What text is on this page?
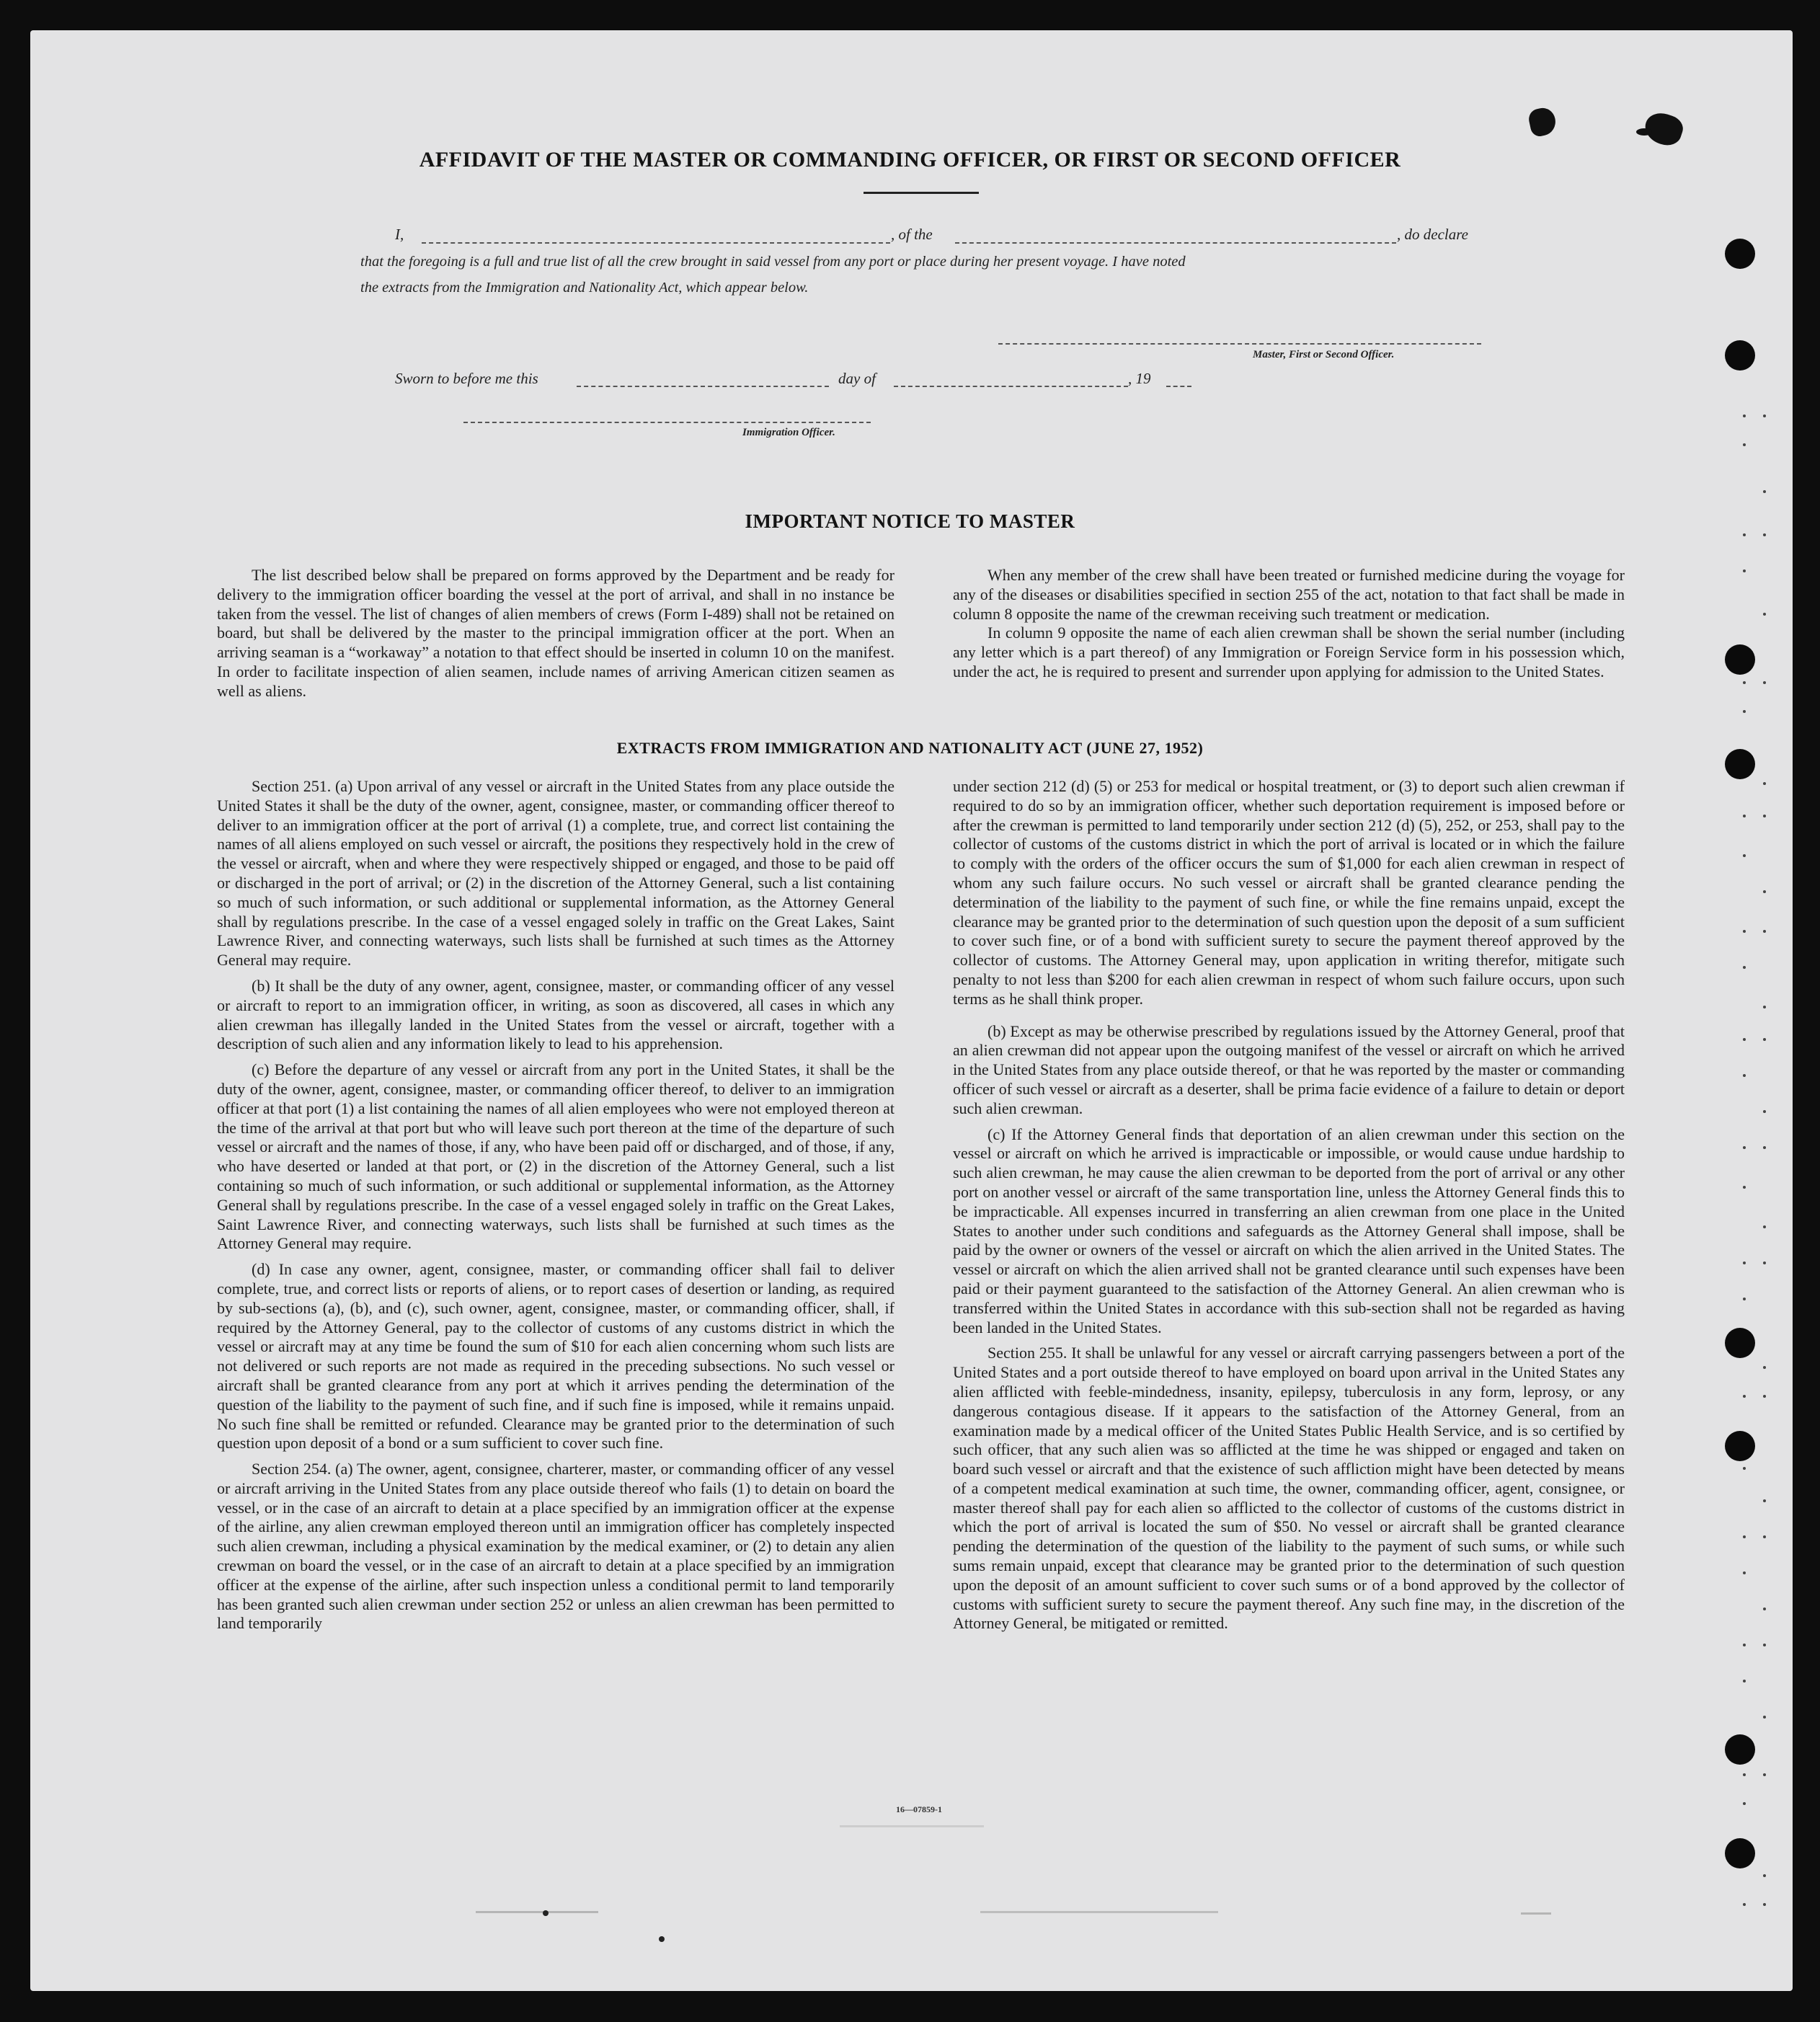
AFFIDAVIT OF THE MASTER OR COMMANDING OFFICER, OR FIRST OR SECOND OFFICER
I,	, of the	, do declare
that the foregoing is a full and true list of all the crew brought in said vessel from any port or place during her present voyage. I have noted
the extracts from the Immigration and Nationality Act, which appear below.
Master, First or Second Officer.
Sworn to before me this	day of	, 19
Immigration Officer.
IMPORTANT NOTICE TO MASTER

The list described below shall be prepared on forms approved by the Department and be ready for delivery to the immigration officer boarding the vessel at the port of arrival, and shall in no instance be taken from the vessel. The list of changes of alien members of crews (Form I-489) shall not be retained on board, but shall be delivered by the master to the principal immigration officer at the port. When an arriving seaman is a “workaway” a notation to that effect should be inserted in column 10 on the manifest. In order to facilitate inspection of alien seamen, include names of arriving American citizen seamen as well as aliens.

When any member of the crew shall have been treated or furnished medicine during the voyage for any of the diseases or disabilities specified in section 255 of the act, notation to that fact shall be made in column 8 opposite the name of the crewman receiving such treatment or medication.

In column 9 opposite the name of each alien crewman shall be shown the serial number (including any letter which is a part thereof) of any Immigration or Foreign Service form in his possession which, under the act, he is required to present and surrender upon applying for admission to the United States.

EXTRACTS FROM IMMIGRATION AND NATIONALITY ACT (JUNE 27, 1952)

Section 251. (a) Upon arrival of any vessel or aircraft in the United States from any place outside the United States it shall be the duty of the owner, agent, consignee, master, or commanding officer thereof to deliver to an immigration officer at the port of arrival (1) a complete, true, and correct list containing the names of all aliens employed on such vessel or aircraft, the positions they respectively hold in the crew of the vessel or aircraft, when and where they were respectively shipped or engaged, and those to be paid off or discharged in the port of arrival; or (2) in the discretion of the Attorney General, such a list containing so much of such information, or such additional or supplemental information, as the Attorney General shall by regulations prescribe. In the case of a vessel engaged solely in traffic on the Great Lakes, Saint Lawrence River, and connecting waterways, such lists shall be furnished at such times as the Attorney General may require.

(b) It shall be the duty of any owner, agent, consignee, master, or commanding officer of any vessel or aircraft to report to an immigration officer, in writing, as soon as discovered, all cases in which any alien crewman has illegally landed in the United States from the vessel or aircraft, together with a description of such alien and any information likely to lead to his apprehension.

(c) Before the departure of any vessel or aircraft from any port in the United States, it shall be the duty of the owner, agent, consignee, master, or commanding officer thereof, to deliver to an immigration officer at that port (1) a list containing the names of all alien employees who were not employed thereon at the time of the arrival at that port but who will leave such port thereon at the time of the departure of such vessel or aircraft and the names of those, if any, who have been paid off or discharged, and of those, if any, who have deserted or landed at that port, or (2) in the discretion of the Attorney General, such a list containing so much of such information, or such additional or supplemental information, as the Attorney General shall by regulations prescribe. In the case of a vessel engaged solely in traffic on the Great Lakes, Saint Lawrence River, and connecting waterways, such lists shall be furnished at such times as the Attorney General may require.

(d) In case any owner, agent, consignee, master, or commanding officer shall fail to deliver complete, true, and correct lists or reports of aliens, or to report cases of desertion or landing, as required by sub-sections (a), (b), and (c), such owner, agent, consignee, master, or commanding officer, shall, if required by the Attorney General, pay to the collector of customs of any customs district in which the vessel or aircraft may at any time be found the sum of $10 for each alien concerning whom such lists are not delivered or such reports are not made as required in the preceding subsections. No such vessel or aircraft shall be granted clearance from any port at which it arrives pending the determination of the question of the liability to the payment of such fine, and if such fine is imposed, while it remains unpaid. No such fine shall be remitted or refunded. Clearance may be granted prior to the determination of such question upon deposit of a bond or a sum sufficient to cover such fine.

Section 254. (a) The owner, agent, consignee, charterer, master, or commanding officer of any vessel or aircraft arriving in the United States from any place outside thereof who fails (1) to detain on board the vessel, or in the case of an aircraft to detain at a place specified by an immigration officer at the expense of the airline, any alien crewman employed thereon until an immigration officer has completely inspected such alien crewman, including a physical examination by the medical examiner, or (2) to detain any alien crewman on board the vessel, or in the case of an aircraft to detain at a place specified by an immigration officer at the expense of the airline, after such inspection unless a conditional permit to land temporarily has been granted such alien crewman under section 252 or unless an alien crewman has been permitted to land temporarily

under section 212 (d) (5) or 253 for medical or hospital treatment, or (3) to deport such alien crewman if required to do so by an immigration officer, whether such deportation requirement is imposed before or after the crewman is permitted to land temporarily under section 212 (d) (5), 252, or 253, shall pay to the collector of customs of the customs district in which the port of arrival is located or in which the failure to comply with the orders of the officer occurs the sum of $1,000 for each alien crewman in respect of whom any such failure occurs. No such vessel or aircraft shall be granted clearance pending the determination of the liability to the payment of such fine, or while the fine remains unpaid, except the clearance may be granted prior to the determination of such question upon the deposit of a sum sufficient to cover such fine, or of a bond with sufficient surety to secure the payment thereof approved by the collector of customs. The Attorney General may, upon application in writing therefor, mitigate such penalty to not less than $200 for each alien crewman in respect of whom such failure occurs, upon such terms as he shall think proper.

(b) Except as may be otherwise prescribed by regulations issued by the Attorney General, proof that an alien crewman did not appear upon the outgoing manifest of the vessel or aircraft on which he arrived in the United States from any place outside thereof, or that he was reported by the master or commanding officer of such vessel or aircraft as a deserter, shall be prima facie evidence of a failure to detain or deport such alien crewman.

(c) If the Attorney General finds that deportation of an alien crewman under this section on the vessel or aircraft on which he arrived is impracticable or impossible, or would cause undue hardship to such alien crewman, he may cause the alien crewman to be deported from the port of arrival or any other port on another vessel or aircraft of the same transportation line, unless the Attorney General finds this to be impracticable. All expenses incurred in transferring an alien crewman from one place in the United States to another under such conditions and safeguards as the Attorney General shall impose, shall be paid by the owner or owners of the vessel or aircraft on which the alien arrived in the United States. The vessel or aircraft on which the alien arrived shall not be granted clearance until such expenses have been paid or their payment guaranteed to the satisfaction of the Attorney General. An alien crewman who is transferred within the United States in accordance with this sub-section shall not be regarded as having been landed in the United States.

Section 255. It shall be unlawful for any vessel or aircraft carrying passengers between a port of the United States and a port outside thereof to have employed on board upon arrival in the United States any alien afflicted with feeble-mindedness, insanity, epilepsy, tuberculosis in any form, leprosy, or any dangerous contagious disease. If it appears to the satisfaction of the Attorney General, from an examination made by a medical officer of the United States Public Health Service, and is so certified by such officer, that any such alien was so afflicted at the time he was shipped or engaged and taken on board such vessel or aircraft and that the existence of such affliction might have been detected by means of a competent medical examination at such time, the owner, commanding officer, agent, consignee, or master thereof shall pay for each alien so afflicted to the collector of customs of the customs district in which the port of arrival is located the sum of $50. No vessel or aircraft shall be granted clearance pending the determination of the question of the liability to the payment of such sums, or while such sums remain unpaid, except that clearance may be granted prior to the determination of such question upon the deposit of an amount sufficient to cover such sums or of a bond approved by the collector of customs with sufficient surety to secure the payment thereof. Any such fine may, in the discretion of the Attorney General, be mitigated or remitted.

16—07859-1
